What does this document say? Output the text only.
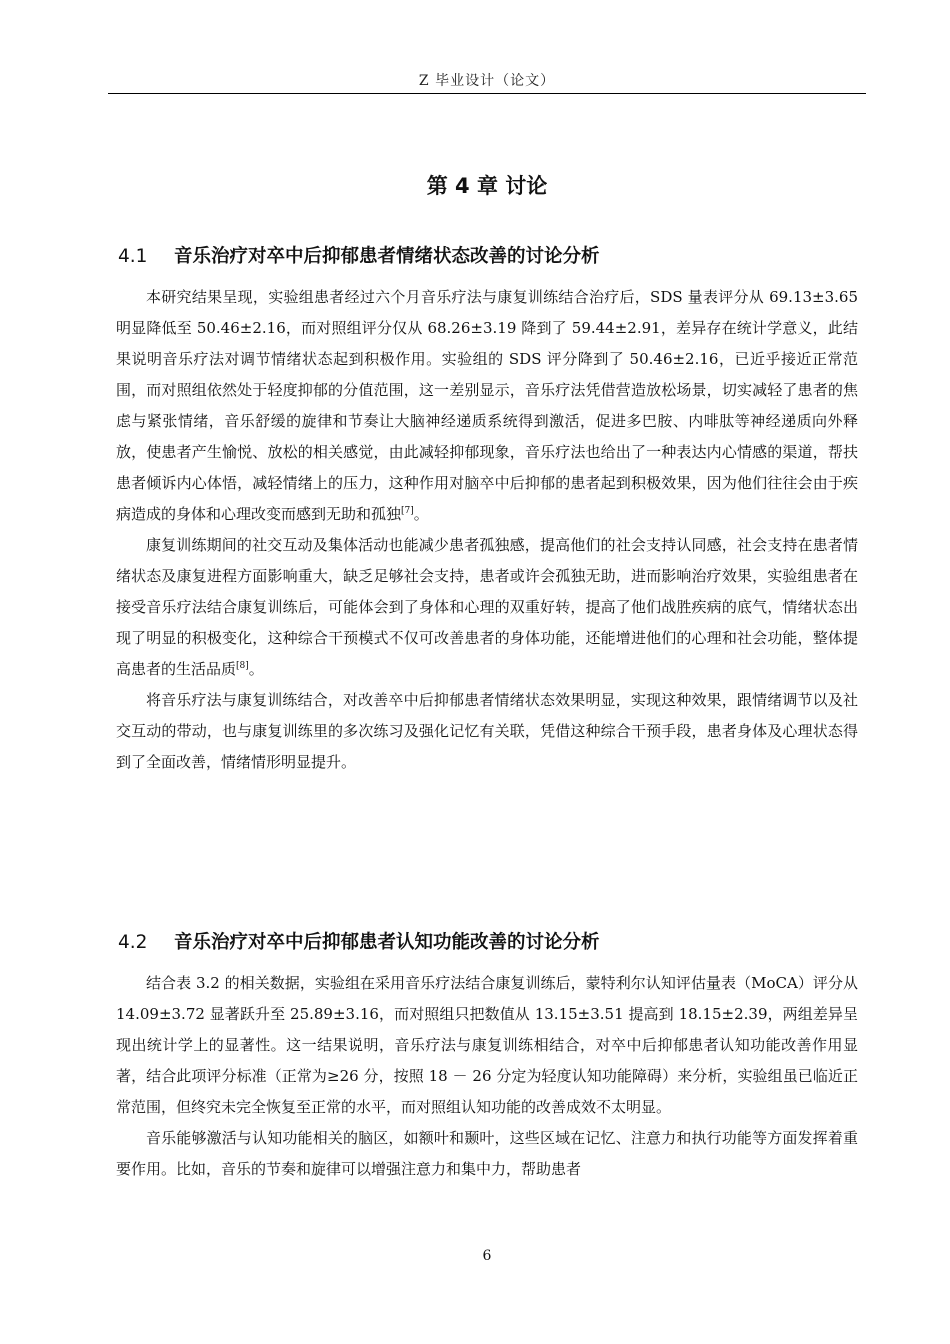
Z 毕业设计（论文）
第 4 章 讨论
4.1 音乐治疗对卒中后抑郁患者情绪状态改善的讨论分析

本研究结果呈现，实验组患者经过六个月音乐疗法与康复训练结合治疗后，SDS 量表评分从 69.13±3.65 明显降低至 50.46±2.16，而对照组评分仅从 68.26±3.19 降到了 59.44±2.91，差异存在统计学意义，此结果说明音乐疗法对调节情绪状态起到积极作用。实验组的 SDS 评分降到了 50.46±2.16，已近乎接近正常范围，而对照组依然处于轻度抑郁的分值范围，这一差别显示，音乐疗法凭借营造放松场景，切实减轻了患者的焦虑与紧张情绪，音乐舒缓的旋律和节奏让大脑神经递质系统得到激活，促进多巴胺、内啡肽等神经递质向外释放，使患者产生愉悦、放松的相关感觉，由此减轻抑郁现象，音乐疗法也给出了一种表达内心情感的渠道，帮扶患者倾诉内心体悟，减轻情绪上的压力，这种作用对脑卒中后抑郁的患者起到积极效果，因为他们往往会由于疾病造成的身体和心理改变而感到无助和孤独[7]。

康复训练期间的社交互动及集体活动也能减少患者孤独感，提高他们的社会支持认同感，社会支持在患者情绪状态及康复进程方面影响重大，缺乏足够社会支持，患者或许会孤独无助，进而影响治疗效果，实验组患者在接受音乐疗法结合康复训练后，可能体会到了身体和心理的双重好转，提高了他们战胜疾病的底气，情绪状态出现了明显的积极变化，这种综合干预模式不仅可改善患者的身体功能，还能增进他们的心理和社会功能，整体提高患者的生活品质[8]。

将音乐疗法与康复训练结合，对改善卒中后抑郁患者情绪状态效果明显，实现这种效果，跟情绪调节以及社交互动的带动，也与康复训练里的多次练习及强化记忆有关联，凭借这种综合干预手段，患者身体及心理状态得到了全面改善，情绪情形明显提升。

4.2 音乐治疗对卒中后抑郁患者认知功能改善的讨论分析

结合表 3.2 的相关数据，实验组在采用音乐疗法结合康复训练后，蒙特利尔认知评估量表（MoCA）评分从 14.09±3.72 显著跃升至 25.89±3.16，而对照组只把数值从 13.15±3.51 提高到 18.15±2.39，两组差异呈现出统计学上的显著性。这一结果说明，音乐疗法与康复训练相结合，对卒中后抑郁患者认知功能改善作用显著，结合此项评分标准（正常为≥26 分，按照 18 － 26 分定为轻度认知功能障碍）来分析，实验组虽已临近正常范围，但终究未完全恢复至正常的水平，而对照组认知功能的改善成效不太明显。

音乐能够激活与认知功能相关的脑区，如额叶和颞叶，这些区域在记忆、注意力和执行功能等方面发挥着重要作用。比如，音乐的节奏和旋律可以增强注意力和集中力，帮助患者

6
